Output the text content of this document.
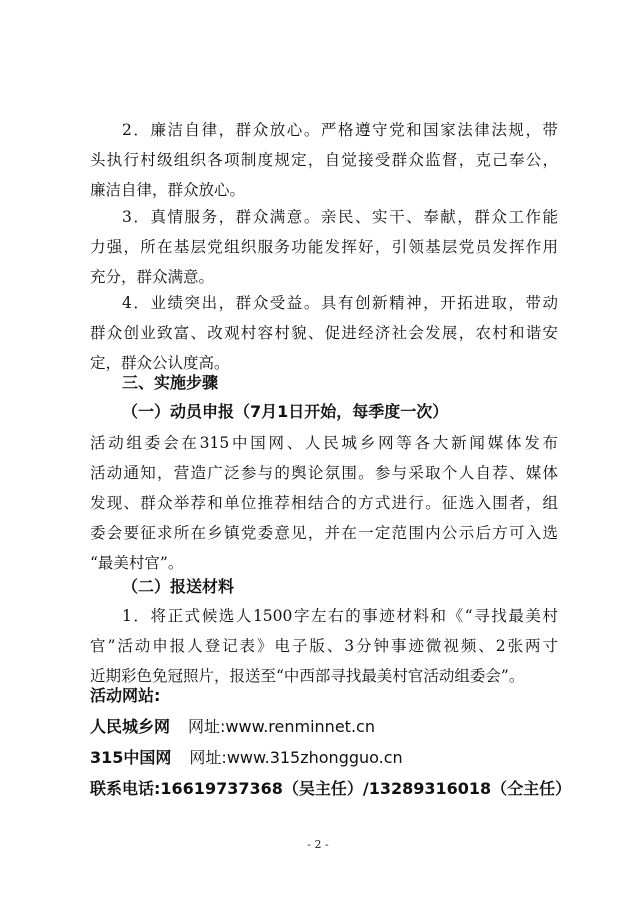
2．廉洁自律，群众放心。严格遵守党和国家法律法规，带
头执行村级组织各项制度规定，自觉接受群众监督，克己奉公，
廉洁自律，群众放心。
3．真情服务，群众满意。亲民、实干、奉献，群众工作能
力强，所在基层党组织服务功能发挥好，引领基层党员发挥作用
充分，群众满意。
4．业绩突出，群众受益。具有创新精神，开拓进取，带动
群众创业致富、改观村容村貌、促进经济社会发展，农村和谐安
定，群众公认度高。
三、实施步骤
（一）动员申报（7月1日开始，每季度一次）
活动组委会在315中国网、人民城乡网等各大新闻媒体发布
活动通知，营造广泛参与的舆论氛围。参与采取个人自荐、媒体
发现、群众举荐和单位推荐相结合的方式进行。征选入围者，组
委会要征求所在乡镇党委意见，并在一定范围内公示后方可入选
“最美村官”。
（二）报送材料
1．将正式候选人1500字左右的事迹材料和《“寻找最美村
官”活动申报人登记表》电子版、3分钟事迹微视频、2张两寸
近期彩色免冠照片，报送至“中西部寻找最美村官活动组委会”。
活动网站:
人民城乡网 网址:www.renminnet.cn
315中国网 网址:www.315zhongguo.cn
联系电话:16619737368（吴主任）/13289316018（仝主任）
- 2 -
